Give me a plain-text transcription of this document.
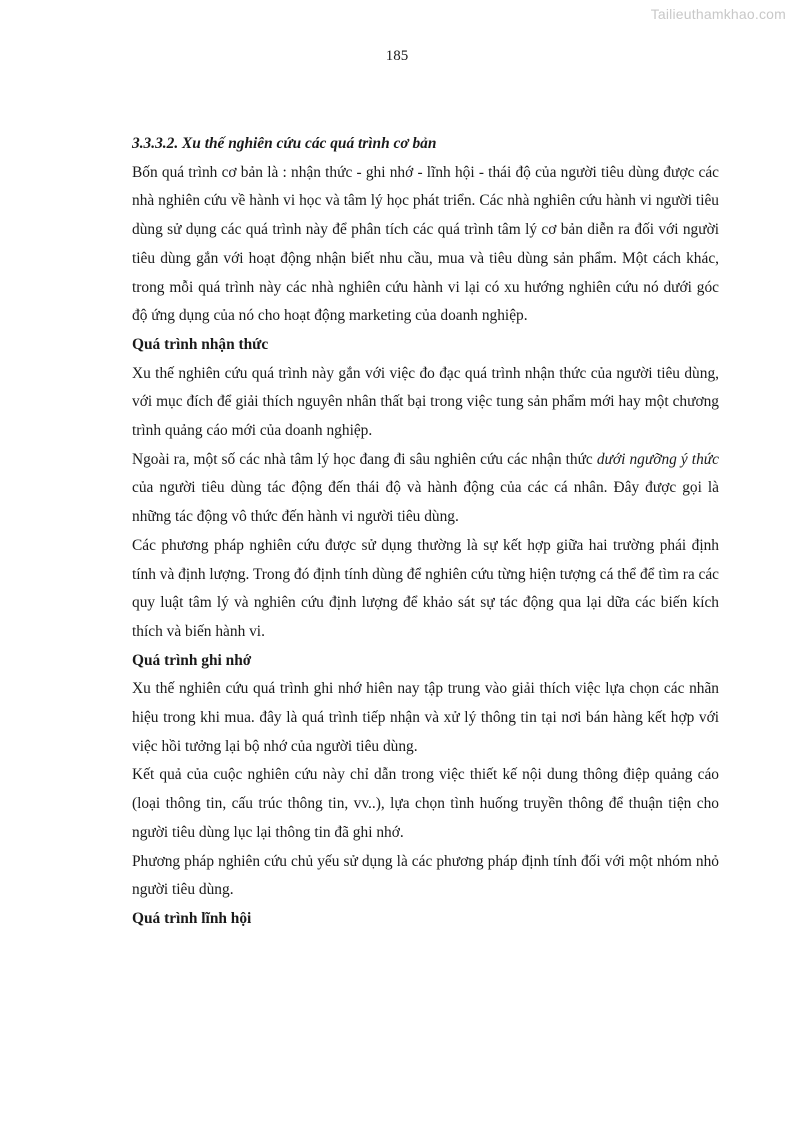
Tailieuthamkhao.com
185

3.3.3.2. Xu thế nghiên cứu các quá trình cơ bản

Bốn quá trình cơ bản là : nhận thức - ghi nhớ - lĩnh hội - thái độ của người tiêu dùng được các nhà nghiên cứu về hành vi học và tâm lý học phát triển. Các nhà nghiên cứu hành vi người tiêu dùng sử dụng các quá trình này để phân tích các quá trình tâm lý cơ bản diễn ra đối với người tiêu dùng gắn với hoạt động nhận biết nhu cầu, mua và tiêu dùng sản phẩm. Một cách khác, trong mỗi quá trình này các nhà nghiên cứu hành vi lại có xu hướng nghiên cứu nó dưới góc độ ứng dụng của nó cho hoạt động marketing của doanh nghiệp.

Quá trình nhận thức

Xu thế nghiên cứu quá trình này gắn với việc đo đạc quá trình nhận thức của người tiêu dùng, với mục đích để giải thích nguyên nhân thất bại trong việc tung sản phẩm mới hay một chương trình quảng cáo mới của doanh nghiệp.

Ngoài ra, một số các nhà tâm lý học đang đi sâu nghiên cứu các nhận thức dưới ngưỡng ý thức của người tiêu dùng tác động đến thái độ và hành động của các cá nhân. Đây được gọi là những tác động vô thức đến hành vi người tiêu dùng.

Các phương pháp nghiên cứu được sử dụng thường là sự kết hợp giữa hai trường phái định tính và định lượng. Trong đó định tính dùng để nghiên cứu từng hiện tượng cá thể để tìm ra các quy luật tâm lý và nghiên cứu định lượng để khảo sát sự tác động qua lại dữa các biến kích thích và biến hành vi.

Quá trình ghi nhớ

Xu thế nghiên cứu quá trình ghi nhớ hiên nay tập trung vào giải thích việc lựa chọn các nhãn hiệu trong khi mua. đây là quá trình tiếp nhận và xử lý thông tin tại nơi bán hàng kết hợp với việc hồi tưởng lại bộ nhớ của người tiêu dùng.

Kết quả của cuộc nghiên cứu này chỉ dẫn trong việc thiết kế nội dung thông điệp quảng cáo (loại thông tin, cấu trúc thông tin, vv..), lựa chọn tình huống truyền thông để thuận tiện cho người tiêu dùng lục lại thông tin đã ghi nhớ.

Phương pháp nghiên cứu chủ yếu sử dụng là các phương pháp định tính đối với một nhóm nhỏ người tiêu dùng.

Quá trình lĩnh hội
